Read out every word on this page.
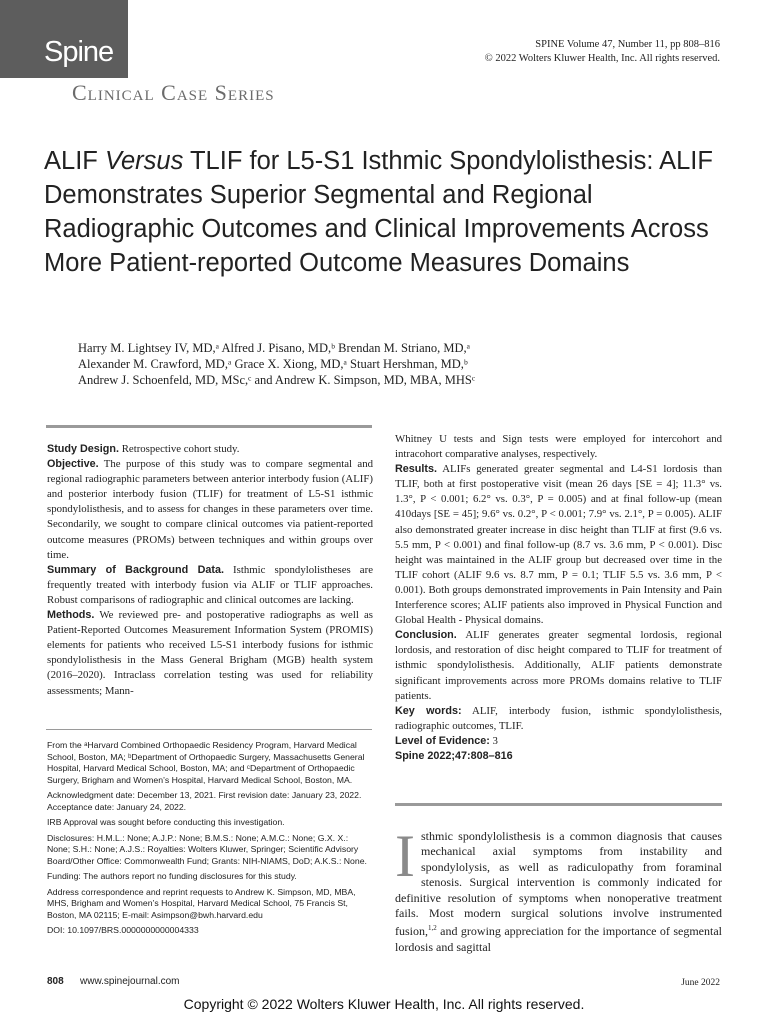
Spine	SPINE Volume 47, Number 11, pp 808–816
© 2022 Wolters Kluwer Health, Inc. All rights reserved.
Clinical Case Series
ALIF Versus TLIF for L5-S1 Isthmic Spondylolisthesis: ALIF Demonstrates Superior Segmental and Regional Radiographic Outcomes and Clinical Improvements Across More Patient-reported Outcome Measures Domains
Harry M. Lightsey IV, MD,ᵃ Alfred J. Pisano, MD,ᵇ Brendan M. Striano, MD,ᵃ
Alexander M. Crawford, MD,ᵃ Grace X. Xiong, MD,ᵃ Stuart Hershman, MD,ᵇ
Andrew J. Schoenfeld, MD, MSc,ᶜ and Andrew K. Simpson, MD, MBA, MHSᶜ

Study Design. Retrospective cohort study.

Objective. The purpose of this study was to compare segmental and regional radiographic parameters between anterior interbody fusion (ALIF) and posterior interbody fusion (TLIF) for treatment of L5-S1 isthmic spondylolisthesis, and to assess for changes in these parameters over time. Secondarily, we sought to compare clinical outcomes via patient-reported outcome measures (PROMs) between techniques and within groups over time.

Summary of Background Data. Isthmic spondylolistheses are frequently treated with interbody fusion via ALIF or TLIF approaches. Robust comparisons of radiographic and clinical outcomes are lacking.

Methods. We reviewed pre- and postoperative radiographs as well as Patient-Reported Outcomes Measurement Information System (PROMIS) elements for patients who received L5-S1 interbody fusions for isthmic spondylolisthesis in the Mass General Brigham (MGB) health system (2016–2020). Intraclass correlation testing was used for reliability assessments; Mann-

Whitney U tests and Sign tests were employed for intercohort and intracohort comparative analyses, respectively.

Results. ALIFs generated greater segmental and L4-S1 lordosis than TLIF, both at first postoperative visit (mean 26 days [SE = 4]; 11.3° vs. 1.3°, P < 0.001; 6.2° vs. 0.3°, P = 0.005) and at final follow-up (mean 410days [SE = 45]; 9.6° vs. 0.2°, P < 0.001; 7.9° vs. 2.1°, P = 0.005). ALIF also demonstrated greater increase in disc height than TLIF at first (9.6 vs. 5.5 mm, P < 0.001) and final follow-up (8.7 vs. 3.6 mm, P < 0.001). Disc height was maintained in the ALIF group but decreased over time in the TLIF cohort (ALIF 9.6 vs. 8.7 mm, P = 0.1; TLIF 5.5 vs. 3.6 mm, P < 0.001). Both groups demonstrated improvements in Pain Intensity and Pain Interference scores; ALIF patients also improved in Physical Function and Global Health - Physical domains.

Conclusion. ALIF generates greater segmental lordosis, regional lordosis, and restoration of disc height compared to TLIF for treatment of isthmic spondylolisthesis. Additionally, ALIF patients demonstrate significant improvements across more PROMs domains relative to TLIF patients.

Key words: ALIF, interbody fusion, isthmic spondylolisthesis, radiographic outcomes, TLIF.

Level of Evidence: 3

Spine 2022;47:808–816

From the ᵃHarvard Combined Orthopaedic Residency Program, Harvard Medical School, Boston, MA; ᵇDepartment of Orthopaedic Surgery, Massachusetts General Hospital, Harvard Medical School, Boston, MA; and ᶜDepartment of Orthopaedic Surgery, Brigham and Women’s Hospital, Harvard Medical School, Boston, MA.

Acknowledgment date: December 13, 2021. First revision date: January 23, 2022. Acceptance date: January 24, 2022.

IRB Approval was sought before conducting this investigation.

Disclosures: H.M.L.: None; A.J.P.: None; B.M.S.: None; A.M.C.: None; G.X. X.: None; S.H.: None; A.J.S.: Royalties: Wolters Kluwer, Springer; Scientific Advisory Board/Other Office: Commonwealth Fund; Grants: NIH-NIAMS, DoD; A.K.S.: None.

Funding: The authors report no funding disclosures for this study.

Address correspondence and reprint requests to Andrew K. Simpson, MD, MBA, MHS, Brigham and Women’s Hospital, Harvard Medical School, 75 Francis St, Boston, MA 02115; E-mail: Asimpson@bwh.harvard.edu

DOI: 10.1097/BRS.0000000000004333

Isthmic spondylolisthesis is a common diagnosis that causes mechanical axial symptoms from instability and spondylolysis, as well as radiculopathy from foraminal stenosis. Surgical intervention is commonly indicated for definitive resolution of symptoms when nonoperative treatment fails. Most modern surgical solutions involve instrumented fusion,$^{1,2}$ and growing appreciation for the importance of segmental lordosis and sagittal
808 www.spinejournal.com	June 2022
Copyright © 2022 Wolters Kluwer Health, Inc. All rights reserved.
